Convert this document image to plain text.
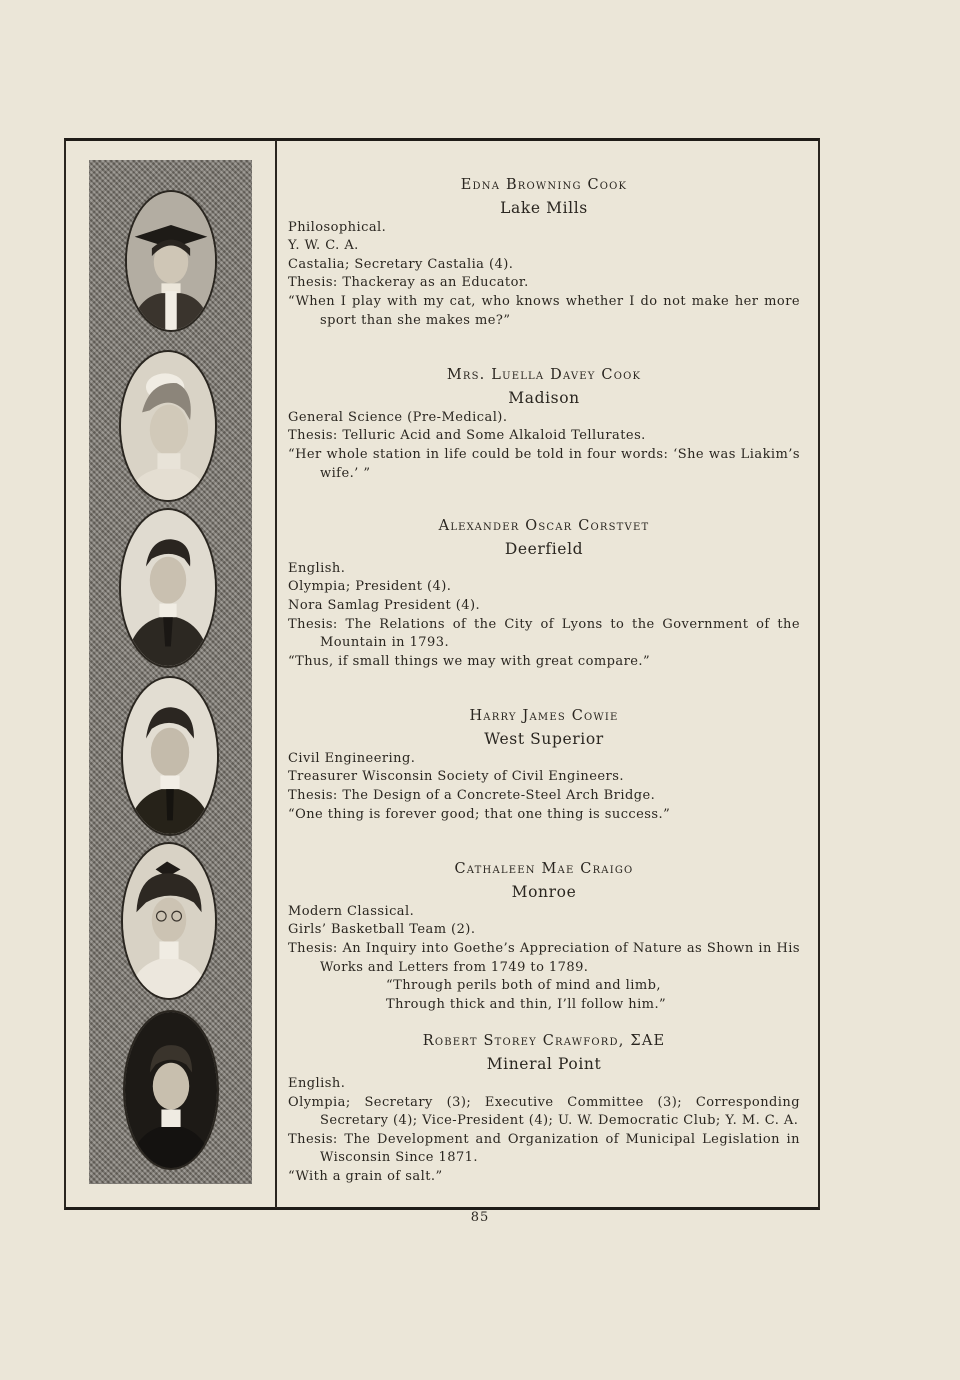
Edna Browning Cook

Lake Mills

Philosophical.

Y. W. C. A.

Castalia; Secretary Castalia (4).

Thesis: Thackeray as an Educator.

“When I play with my cat, who knows whether I do not make her more sport than she makes me?”

Mrs. Luella Davey Cook

Madison

General Science (Pre-Medical).

Thesis: Telluric Acid and Some Alkaloid Tellurates.

“Her whole station in life could be told in four words: ‘She was Liakim’s wife.’ ”

Alexander Oscar Corstvet

Deerfield

English.

Olympia; President (4).

Nora Samlag President (4).

Thesis: The Relations of the City of Lyons to the Government of the Mountain in 1793.

“Thus, if small things we may with great compare.”

Harry James Cowie

West Superior

Civil Engineering.

Treasurer Wisconsin Society of Civil Engineers.

Thesis: The Design of a Concrete-Steel Arch Bridge.

“One thing is forever good; that one thing is success.”

Cathaleen Mae Craigo

Monroe

Modern Classical.

Girls’ Basketball Team (2).

Thesis: An Inquiry into Goethe’s Appreciation of Nature as Shown in His Works and Letters from 1749 to 1789.

“Through perils both of mind and limb,

Through thick and thin, I’ll follow him.”

Robert Storey Crawford, ΣΑΕ

Mineral Point

English.

Olympia; Secretary (3); Executive Committee (3); Corresponding Secretary (4); Vice-President (4); U. W. Democratic Club; Y. M. C. A.

Thesis: The Development and Organization of Municipal Legislation in Wisconsin Since 1871.

“With a grain of salt.”

85
